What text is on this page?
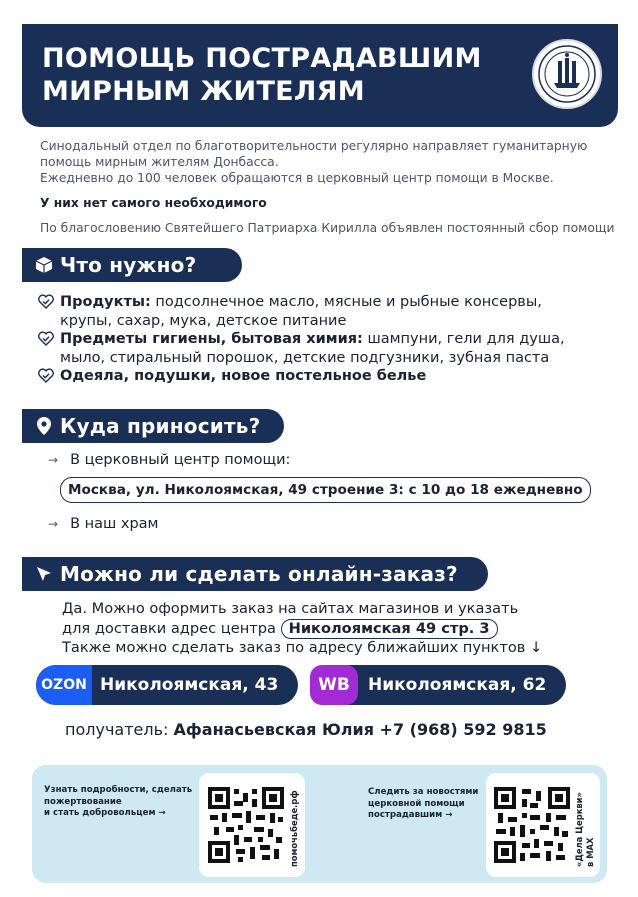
ПОМОЩЬ ПОСТРАДАВШИМ
МИРНЫМ ЖИТЕЛЯМ
Синодальный отдел по благотворительности регулярно направляет гуманитарную
помощь мирным жителям Донбасса.
Ежедневно до 100 человек обращаются в церковный центр помощи в Москве.
У них нет самого необходимого
По благословению Святейшего Патриарха Кирилла объявлен постоянный сбор помощи
Что нужно?
Продукты: подсолнечное масло, мясные и рыбные консервы,
крупы, сахар, мука, детское питание
Предметы гигиены, бытовая химия: шампуни, гели для душа,
мыло, стиральный порошок, детские подгузники, зубная паста
Одеяла, подушки, новое постельное белье
Куда приносить?
→ В церковный центр помощи:
Москва, ул. Николоямская, 49 строение 3: с 10 до 18 ежедневно
→ В наш храм
Можно ли сделать онлайн-заказ?
Да. Можно оформить заказ на сайтах магазинов и указать
для доставки адрес центра Николоямская 49 стр. 3
Также можно сделать заказ по адресу ближайших пунктов ↓
OZON Николоямская, 43 WB Николоямская, 62
получатель: Афанасьевская Юлия +7 (968) 592 9815
Узнать подробности, сделать
пожертвование
и стать добровольцем →	помочьбеде.рф	Следить за новостями
церковной помощи
пострадавшим →	«Дела Церкви» в MAX
